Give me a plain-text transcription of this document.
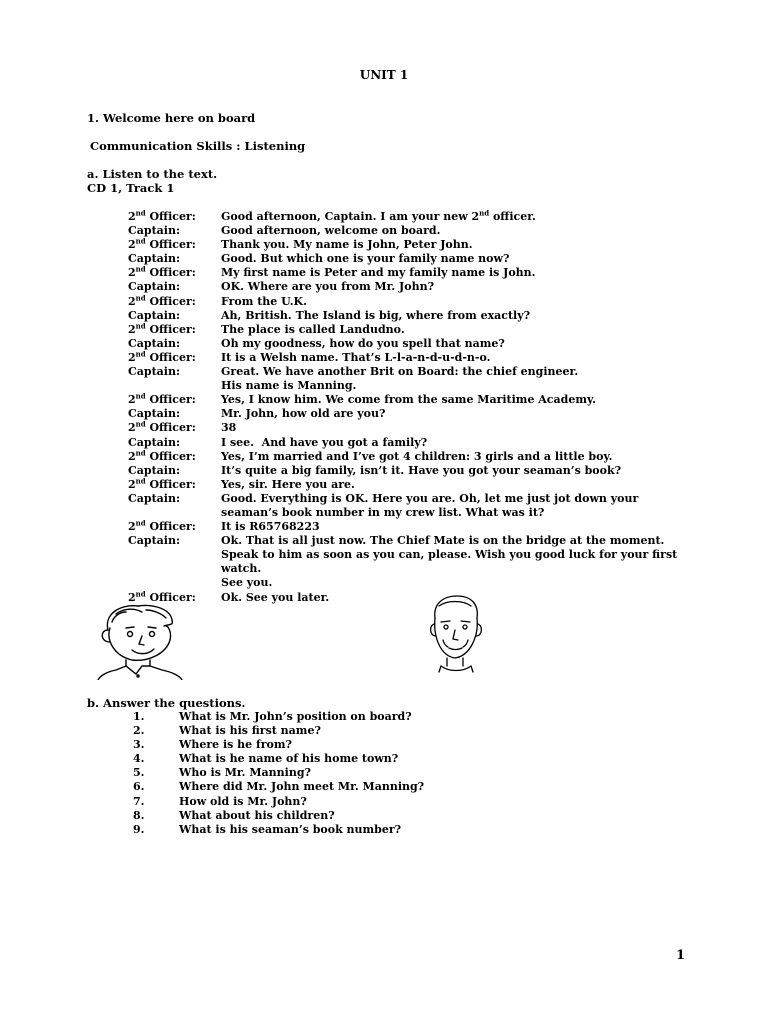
UNIT 1
1. Welcome here on board
Communication Skills : Listening
a. Listen to the text.
CD 1, Track 1
2nd Officer:	Good afternoon, Captain. I am your new 2nd officer.
Captain:	Good afternoon, welcome on board.
2nd Officer:	Thank you. My name is John, Peter John.
Captain:	Good. But which one is your family name now?
2nd Officer:	My first name is Peter and my family name is John.
Captain:	OK. Where are you from Mr. John?
2nd Officer:	From the U.K.
Captain:	Ah, British. The Island is big, where from exactly?
2nd Officer:	The place is called Landudno.
Captain:	Oh my goodness, how do you spell that name?
2nd Officer:	It is a Welsh name. That’s L-l-a-n-d-u-d-n-o.
Captain:	Great. We have another Brit on Board: the chief engineer.
His name is Manning.
2nd Officer:	Yes, I know him. We come from the same Maritime Academy.
Captain:	Mr. John, how old are you?
2nd Officer:	38
Captain:	I see.  And have you got a family?
2nd Officer:	Yes, I’m married and I’ve got 4 children: 3 girls and a little boy.
Captain:	It’s quite a big family, isn’t it. Have you got your seaman’s book?
2nd Officer:	Yes, sir. Here you are.
Captain:	Good. Everything is OK. Here you are. Oh, let me just jot down your
seaman’s book number in my crew list. What was it?
2nd Officer:	It is R65768223
Captain:	Ok. That is all just now. The Chief Mate is on the bridge at the moment.
Speak to him as soon as you can, please. Wish you good luck for your first watch.
See you.
2nd Officer:	Ok. See you later.
b. Answer the questions.
1.	What is Mr. John’s position on board?
2.	What is his first name?
3.	Where is he from?
4.	What is he name of his home town?
5.	Who is Mr. Manning?
6.	Where did Mr. John meet Mr. Manning?
7.	How old is Mr. John?
8.	What about his children?
9.	What is his seaman’s book number?
1
